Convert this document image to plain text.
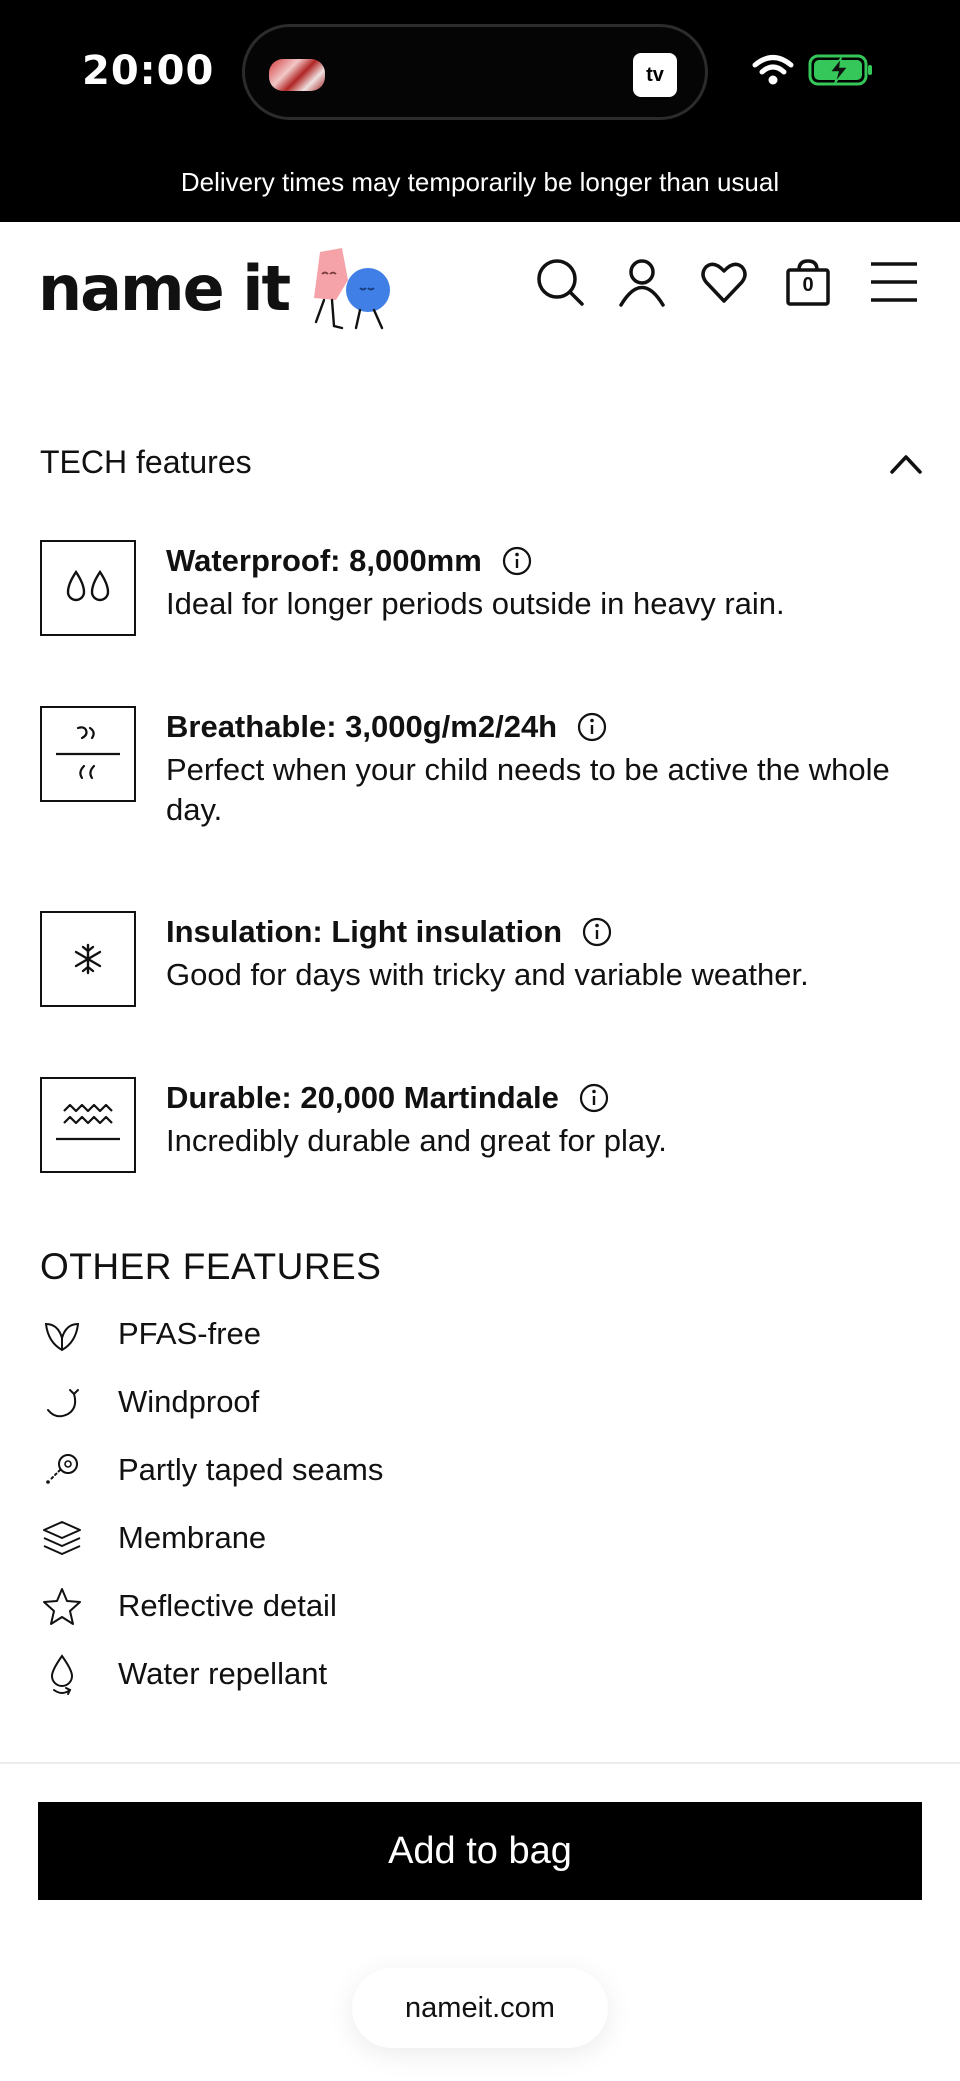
20:00	tv
Delivery times may temporarily be longer than usual
name it	0
TECH features
Waterproof: 8,000mm
Ideal for longer periods outside in heavy rain.
Breathable: 3,000g/m2/24h
Perfect when your child needs to be active the whole day.
Insulation: Light insulation
Good for days with tricky and variable weather.
Durable: 20,000 Martindale
Incredibly durable and great for play.
OTHER FEATURES
PFAS-free
Windproof
Partly taped seams
Membrane
Reflective detail
Water repellant
Add to bag
nameit.com
